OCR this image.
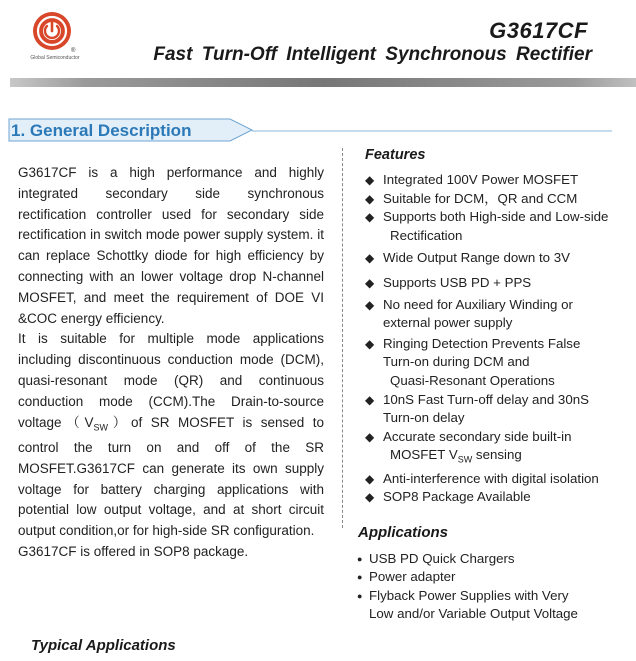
®
Global Semiconductor
G3617CF
Fast Turn-Off Intelligent Synchronous Rectifier
1. General Description

G3617CF is a high performance and highly integrated secondary side synchronous rectification controller used for secondary side rectification in switch mode power supply system. it can replace Schottky diode for high efficiency by connecting with an lower voltage drop N-channel MOSFET, and meet the requirement of DOE VI &COC energy efficiency.

It is suitable for multiple mode applications including discontinuous conduction mode (DCM), quasi-resonant mode (QR) and continuous conduction mode (CCM).The Drain-to-source $voltage(V_{SW})of$ SR MOSFET is sensed to control the turn on and off of the SR MOSFET.G3617CF can generate its own supply voltage for battery charging applications with potential low output voltage, and at short circuit output condition,or for high-side SR configuration.

G3617CF is offered in SOP8 package.

Features
◆ Integrated 100V Power MOSFET
◆ Suitable for DCM，QR and CCM
◆ Supports both High-side and Low-side
Rectification
◆ Wide Output Range down to 3V
◆ Supports USB PD + PPS
◆ No need for Auxiliary Winding or
external power supply
◆ Ringing Detection Prevents False
Turn-on during DCM and
Quasi-Resonant Operations
◆ 10nS Fast Turn-off delay and 30nS
Turn-on delay
◆ Accurate secondary side built-in
MOSFET $V_{SW}$ sensing
◆ Anti-interference with digital isolation
◆ SOP8 Package Available
Applications
● USB PD Quick Chargers
● Power adapter
● Flyback Power Supplies with Very
Low and/or Variable Output Voltage
Typical Applications
